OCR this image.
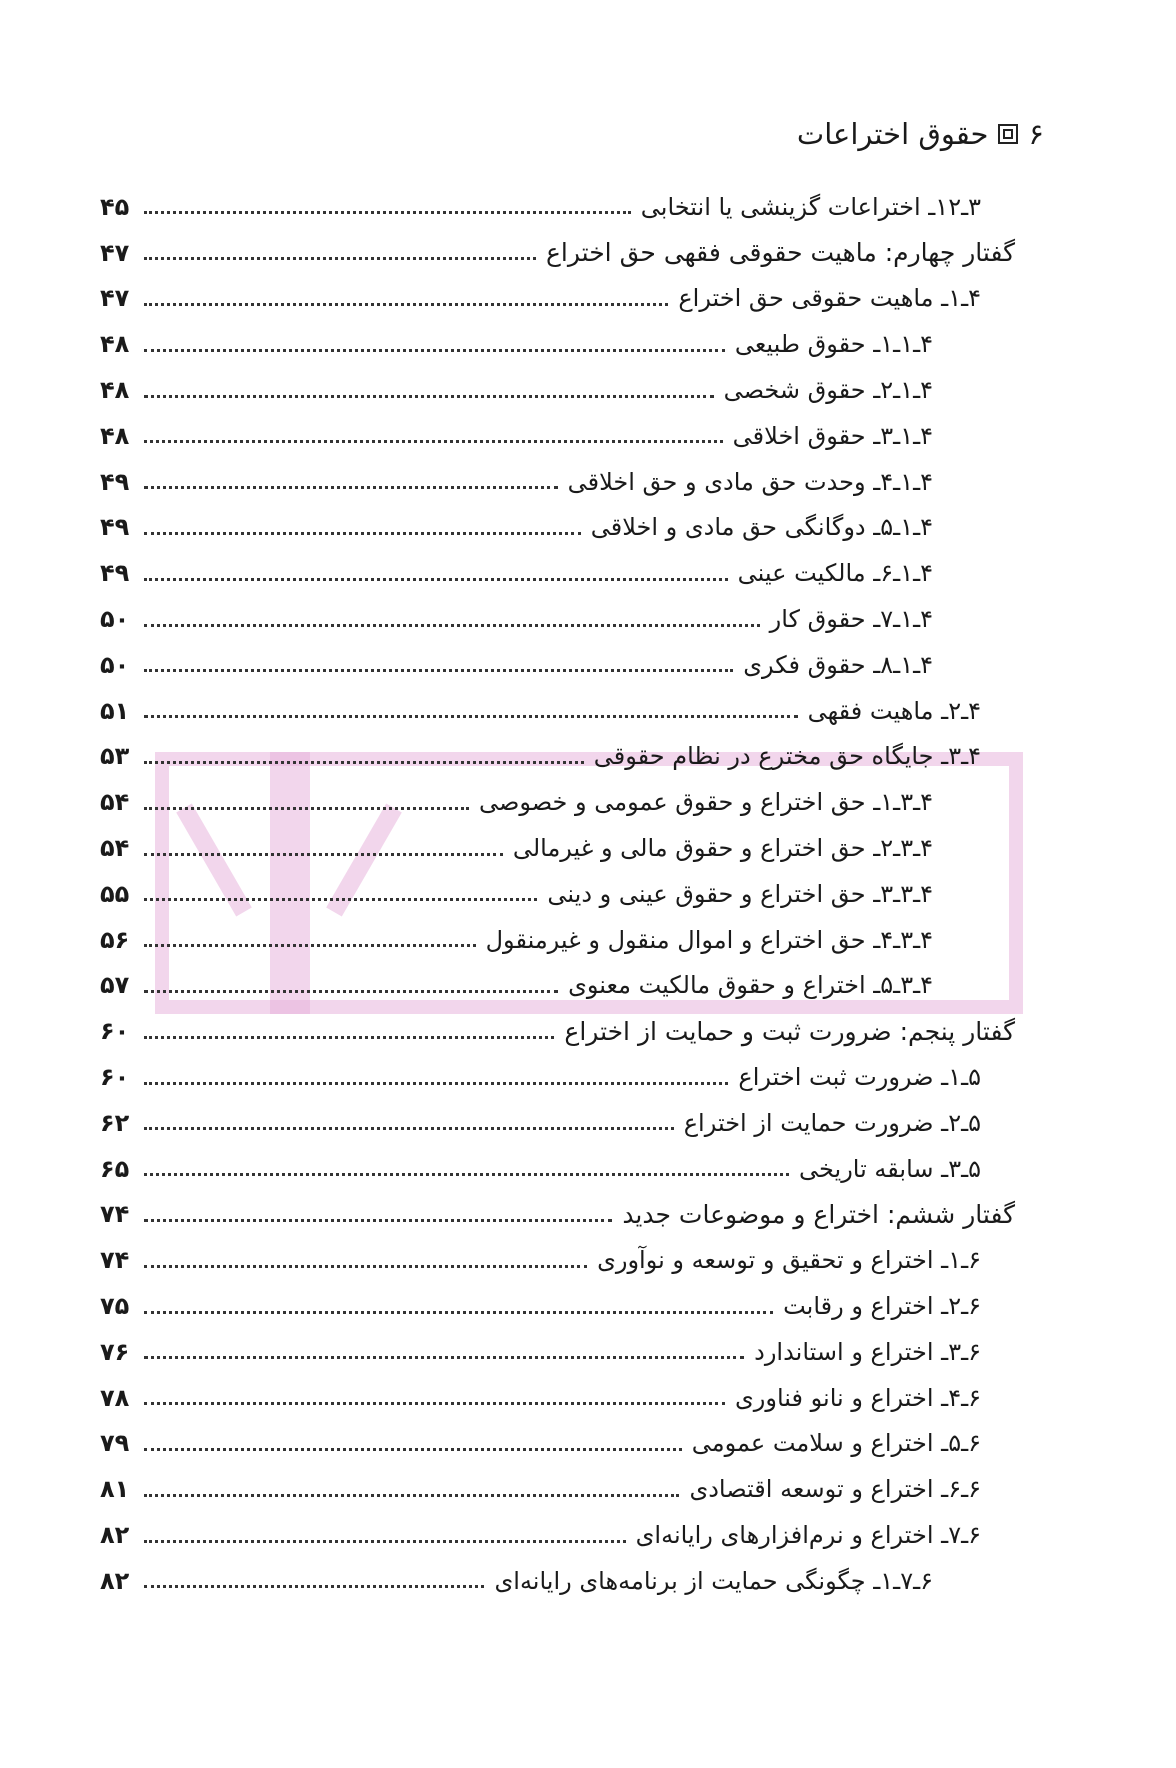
۶
حقوق اختراعات
۳ـ۱۲ـ اختراعات گزینشی یا انتخابی
۴۵
گفتار چهارم: ماهیت حقوقی فقهی حق اختراع
۴۷
۴ـ۱ـ ماهیت حقوقی حق اختراع
۴۷
۴ـ۱ـ۱ـ حقوق طبیعی
۴۸
۴ـ۱ـ۲ـ حقوق شخصی
۴۸
۴ـ۱ـ۳ـ حقوق اخلاقی
۴۸
۴ـ۱ـ۴ـ وحدت حق مادی و حق اخلاقی
۴۹
۴ـ۱ـ۵ـ دوگانگی حق مادی و اخلاقی
۴۹
۴ـ۱ـ۶ـ مالکیت عینی
۴۹
۴ـ۱ـ۷ـ حقوق کار
۵۰
۴ـ۱ـ۸ـ حقوق فکری
۵۰
۴ـ۲ـ ماهیت فقهی
۵۱
۴ـ۳ـ جایگاه حق مخترع در نظام حقوقی
۵۳
۴ـ۳ـ۱ـ حق اختراع و حقوق عمومی و خصوصی
۵۴
۴ـ۳ـ۲ـ حق اختراع و حقوق مالی و غیرمالی
۵۴
۴ـ۳ـ۳ـ حق اختراع و حقوق عینی و دینی
۵۵
۴ـ۳ـ۴ـ حق اختراع و اموال منقول و غیرمنقول
۵۶
۴ـ۳ـ۵ـ اختراع و حقوق مالکیت معنوی
۵۷
گفتار پنجم: ضرورت ثبت و حمایت از اختراع
۶۰
۵ـ۱ـ ضرورت ثبت اختراع
۶۰
۵ـ۲ـ ضرورت حمایت از اختراع
۶۲
۵ـ۳ـ سابقه تاریخی
۶۵
گفتار ششم: اختراع و موضوعات جدید
۷۴
۶ـ۱ـ اختراع و تحقیق و توسعه و نوآوری
۷۴
۶ـ۲ـ اختراع و رقابت
۷۵
۶ـ۳ـ اختراع و استاندارد
۷۶
۶ـ۴ـ اختراع و نانو فناوری
۷۸
۶ـ۵ـ اختراع و سلامت عمومی
۷۹
۶ـ۶ـ اختراع و توسعه اقتصادی
۸۱
۶ـ۷ـ اختراع و نرم‌افزارهای رایانه‌ای
۸۲
۶ـ۷ـ۱ـ چگونگی حمایت از برنامه‌های رایانه‌ای
۸۲
